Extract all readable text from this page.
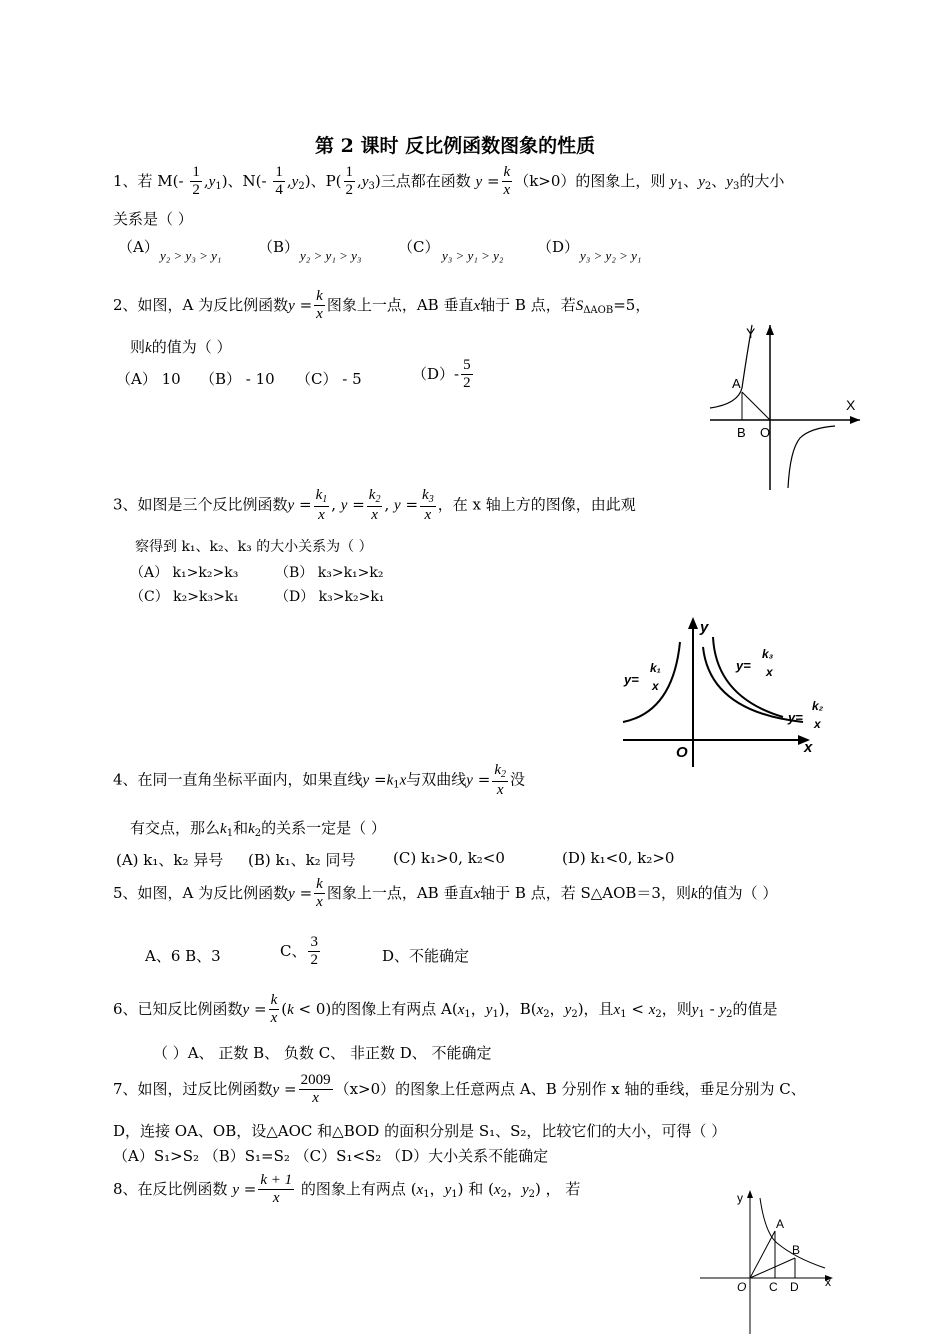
第 2 课时 反比例函数图象的性质
1、若 $M(- \frac{1}{2} ,y_1)$、$N(- \frac{1}{4} ,y_2)$、$P( \frac{1}{2} ,y_3)$三点都在函数 $y = \frac{k}{x} (k>0)$的图象上，则 $y_1$、$y_2$、$y_3$的大小
关系是（ ）
（A） y₂ > y₃ > y₁ （B） y₂ > y₁ > y₃ （C） y₃ > y₁ > y₂ （D） y₃ > y₂ > y₁
2、如图，A 为反比例函数$y = \frac{k}{x}$ 图象上一点，AB 垂直x轴于 B 点，若$S_{\Delta AOB}=5$，
则k的值为（ ）
（A） 10 （B） - 10 （C） - 5	$(D)- \frac{5}{2}$
Y
X
A
B O
3、如图是三个反比例函数$y = \frac{k_1}{x}$ , $y = \frac{k_2}{x}$ , $y = \frac{k_3}{x}$ ，在 x 轴上方的图像，由此观
察得到 k₁、k₂、k₃ 的大小关系为（ ）
（A） k₁>k₂>k₃	（B） k₃>k₁>k₂
（C） k₂>k₃>k₁	（D） k₃>k₂>k₁
y
x
O
y=
k₁
x
y=
k₃
x
y=
k₂
x
4、在同一直角坐标平面内，如果直线$y =k_1x$与双曲线$y = \frac{k_2}{x}$ 没
有交点，那么$k_1$和$k_2$的关系一定是（ ）
(A) k₁、k₂ 异号 (B) k₁、k₂ 同号	(C) k₁>0, k₂<0	(D) k₁<0, k₂>0
5、如图，A 为反比例函数$y = \frac{k}{x}$ 图象上一点，AB 垂直x轴于 B 点，若 S△AOB＝3，则k的值为（ ）
A、6 B、3	C、 $\frac{3}{2}$	D、不能确定
6、已知反比例函数$y = \frac{k}{x} (k < 0)$的图像上有两点 $A(x_1$，$y_1$)，$B(x_2$，$y_2$)，且$x_1 < x_2$，则$y_1 - y_2$的值是
（ ）A、 正数 B、 负数 C、 非正数 D、 不能确定
7、如图，过反比例函数$y = \frac{2009}{x} (x>0)$的图象上任意两点 A、B 分别作 x 轴的垂线，垂足分别为 C、
D，连接 OA、OB，设△AOC 和△BOD 的面积分别是 S₁、S₂，比较它们的大小，可得（ ）
（A）S₁>S₂ （B）S₁=S₂ （C）S₁<S₂ （D）大小关系不能确定
8、在反比例函数 $y = \frac{k + 1}{x}$ 的图象上有两点 ($x_1$，$y_1$) 和 ($x_2$，$y_2$) ， 若
y
x
O
A
B
C D
